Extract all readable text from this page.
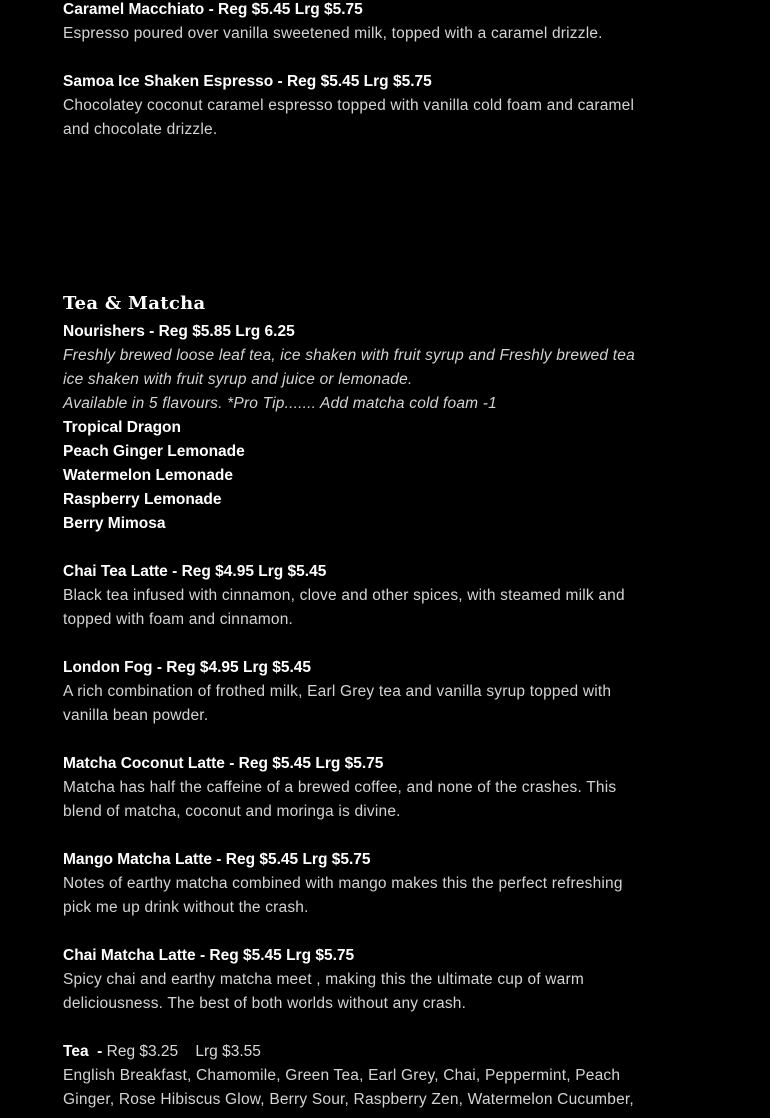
Caramel Macchiato - Reg $5.45 Lrg $5.75

Espresso poured over vanilla sweetened milk, topped with a caramel drizzle.

Samoa Ice Shaken Espresso - Reg $5.45 Lrg $5.75

Chocolatey coconut caramel espresso topped with vanilla cold foam and caramel

and chocolate drizzle.

Tea & Matcha

Nourishers - Reg $5.85 Lrg 6.25

Freshly brewed loose leaf tea, ice shaken with fruit syrup and Freshly brewed tea

ice shaken with fruit syrup and juice or lemonade.

Available in 5 flavours. *Pro Tip....... Add matcha cold foam -1

Tropical Dragon

Peach Ginger Lemonade

Watermelon Lemonade

Raspberry Lemonade

Berry Mimosa

Chai Tea Latte - Reg $4.95 Lrg $5.45

Black tea infused with cinnamon, clove and other spices, with steamed milk and

topped with foam and cinnamon.

London Fog - Reg $4.95 Lrg $5.45

A rich combination of frothed milk, Earl Grey tea and vanilla syrup topped with

vanilla bean powder.

Matcha Coconut Latte - Reg $5.45 Lrg $5.75

Matcha has half the caffeine of a brewed coffee, and none of the crashes. This

blend of matcha, coconut and moringa is divine.

Mango Matcha Latte - Reg $5.45 Lrg $5.75

Notes of earthy matcha combined with mango makes this the perfect refreshing

pick me up drink without the crash.

Chai Matcha Latte - Reg $5.45 Lrg $5.75

Spicy chai and earthy matcha meet , making this the ultimate cup of warm

deliciousness. The best of both worlds without any crash.

Tea  - Reg $3.25    Lrg $3.55

English Breakfast, Chamomile, Green Tea, Earl Grey, Chai, Peppermint, Peach

Ginger, Rose Hibiscus Glow, Berry Sour, Raspberry Zen, Watermelon Cucumber,
